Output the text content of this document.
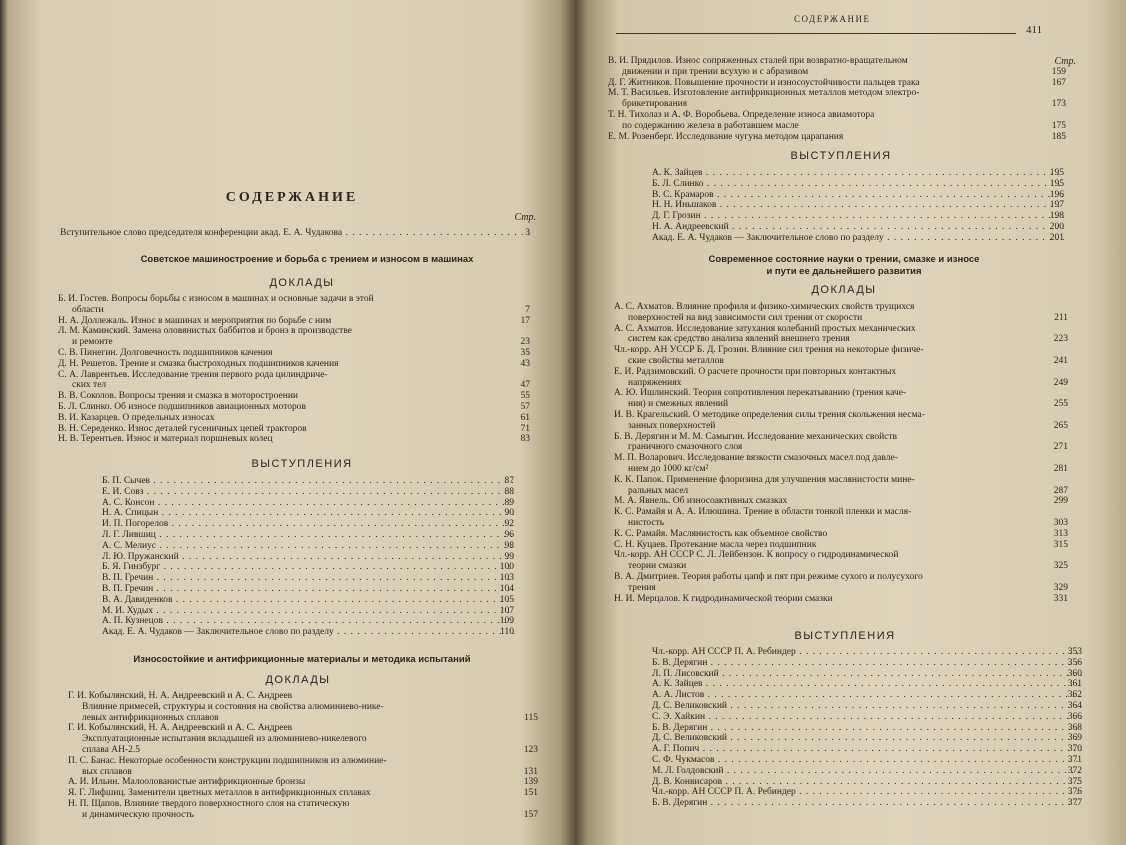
СОДЕРЖАНИЕ
Стр.
Вступительное слово председателя конференции акад. Е. А. Чудакова . . .	3
Советское машиностроение и борьба с трением и износом в машинах
ДОКЛАДЫ
Б. И. Гостев. Вопросы борьбы с износом в машинах и основные задачи в этой
области	7
Н. А. Доллежаль. Износ в машинах и мероприятия по борьбе с ним	17
Л. М. Каминский. Замена оловянистых баббитов и бронз в производстве
и ремонте	23
С. В. Пинегин. Долговечность подшипников качения	35
Д. Н. Решетов. Трение и смазка быстроходных подшипников качения	43
С. А. Лаврентьев. Исследование трения первого рода цилиндриче-
ских тел	47
В. В. Соколов. Вопросы трения и смазка в моторостроении	55
Б. Л. Слинко. Об износе подшипников авиационных моторов	57
В. И. Казарцев. О предельных износах	61
В. Н. Середенко. Износ деталей гусеничных цепей тракторов	71
Н. В. Терентьев. Износ и материал поршневых колец	83
ВЫСТУПЛЕНИЯ
Б. П. Сычев . . .	87
Е. И. Совз . . .	88
А. С. Консон . . .	89
Н. А. Спицын . . .	90
И. П. Погорелов . . .	92
Л. Г. Лившиц . . .	96
А. С. Мелиус . . .	98
Л. Ю. Пружанский . . .	99
Б. Я. Гинзбург . . .	100
В. П. Гречин . . .	103
В. П. Гречин . . .	104
В. А. Давиденков . . .	105
М. И. Худых . . .	107
А. П. Кузнецов . . .	109
Акад. Е. А. Чудаков — Заключительное слово по разделу . . .	110
Износостойкие и антифрикционные материалы и методика испытаний
ДОКЛАДЫ
Г. И. Кобылянский, Н. А. Андреевский и А. С. Андреев
Влияние примесей, структуры и состояния на свойства алюминиево-нике-
левых антифрикционных сплавов	115
Г. И. Кобылянский, Н. А. Андреевский и А. С. Андреев
Эксплуатационные испытания вкладышей из алюминиево-никелевого
сплава АН-2.5	123
П. С. Банас. Некоторые особенности конструкции подшипников из алюминие-
вых сплавов	131
А. И. Ильин. Малоолованистые антифрикционные бронзы	139
Я. Г. Лифшиц. Заменители цветных металлов в антифрикционных сплавах	151
Н. П. Щапов. Влияние твердого поверхностного слоя на статическую
и динамическую прочность	157
СОДЕРЖАНИЕ
411
Стр.
В. И. Прядилов. Износ сопряженных сталей при возвратно-вращательном
движении и при трении всухую и с абразивом	159
Д. Г. Житников. Повышение прочности и износоустойчивости пальцев трака	167
М. Т. Васильев. Изготовление антифрикционных металлов методом электро-
брикетирования	173
Т. Н. Тихолаз и А. Ф. Воробьева. Определение износа авиамотора
по содержанию железа в работавшем масле	175
Е. М. Розенберг. Исследование чугуна методом царапания	185
ВЫСТУПЛЕНИЯ
А. К. Зайцев . . .	195
Б. Л. Слинко . . .	195
В. С. Крамаров . . .	196
Н. Н. Иньшаков . . .	197
Д. Г. Грозин . . .	198
Н. А. Андреевский . . .	200
Акад. Е. А. Чудаков — Заключительное слово по разделу . . .	201
Современное состояние науки о трении, смазке и износе
и пути ее дальнейшего развития
ДОКЛАДЫ
А. С. Ахматов. Влияние профиля и физико-химических свойств трущихся
поверхностей на вид зависимости сил трения от скорости	211
А. С. Ахматов. Исследование затухания колебаний простых механических
систем как средство анализа явлений внешнего трения	223
Чл.-корр. АН УССР Б. Д. Грозин. Влияние сил трения на некоторые физиче-
ские свойства металлов	241
Е. И. Радзимовский. О расчете прочности при повторных контактных
напряжениях	249
А. Ю. Ишлинский. Теория сопротивления перекатыванию (трения каче-
ния) и смежных явлений	255
И. В. Крагельский. О методике определения силы трения скольжения несма-
занных поверхностей	265
Б. В. Дерягин и М. М. Самыгин. Исследование механических свойств
граничного смазочного слоя	271
М. П. Воларович. Исследование вязкости смазочных масел под давле-
нием до 1000 кг/см²	281
К. К. Папок. Применение флоризина для улучшения маслянистости мине-
ральных масел	287
М. А. Явнель. Об износоактивных смазках	299
К. С. Рамайя и А. А. Илюшина. Трение в области тонкой пленки и масля-
нистость	303
К. С. Рамайя. Маслянистость как объемное свойство	313
С. Н. Куцаев. Протекание масла через подшипник	315
Чл.-корр. АН СССР С. Л. Лейбензон. К вопросу о гидродинамической
теории смазки	325
В. А. Дмитриев. Теория работы цапф и пят при режиме сухого и полусухого
трения	329
Н. И. Мерцалов. К гидродинамической теории смазки	331
ВЫСТУПЛЕНИЯ
Чл.-корр. АН СССР П. А. Ребиндер . . .	353
Б. В. Дерягин . . .	356
Л. П. Лисовский . . .	360
А. К. Зайцев . . .	361
А. А. Листов . . .	362
Д. С. Великовский . . .	364
С. Э. Хайкин . . .	366
Б. В. Дерягин . . .	368
Д. С. Великовский . . .	369
А. Г. Попич . . .	370
С. Ф. Чукмасов . . .	371
М. Л. Голдовский . . .	372
Д. В. Конвисаров . . .	375
Чл.-корр. АН СССР П. А. Ребиндер . . .	376
Б. В. Дерягин . . .	377
